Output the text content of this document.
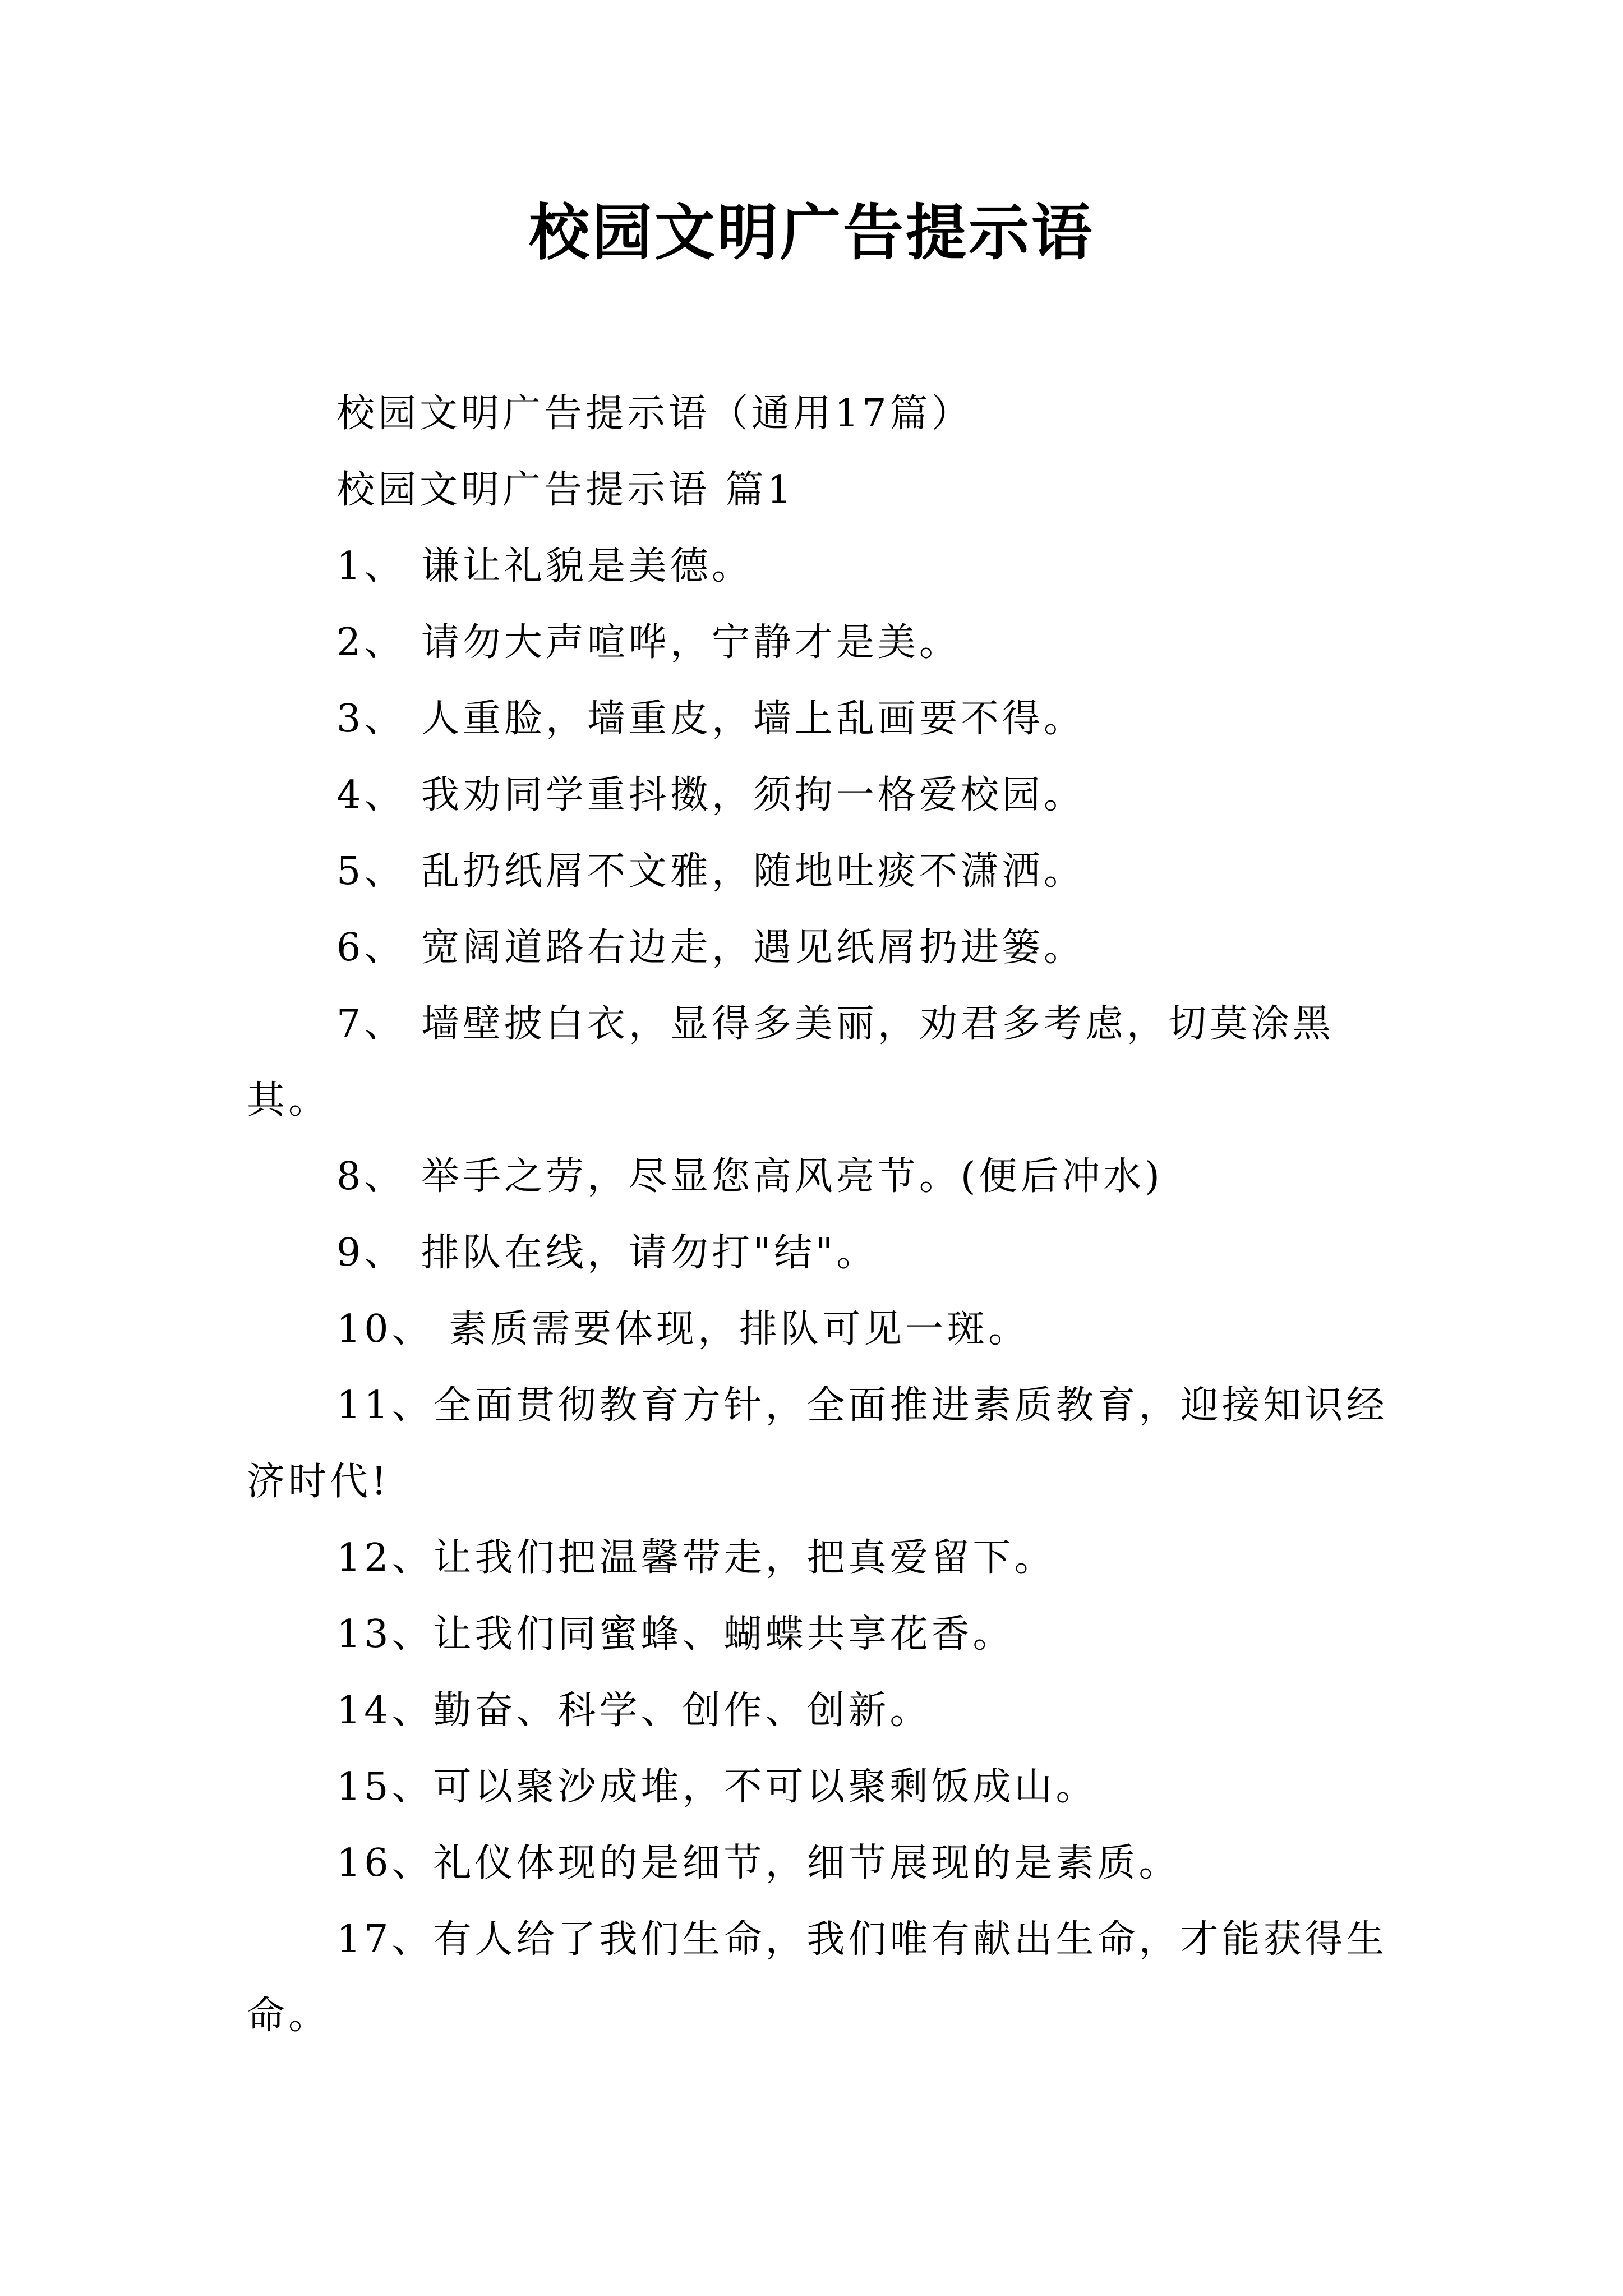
校园文明广告提示语

校园文明广告提示语（通用17篇）

校园文明广告提示语 篇1

1、 谦让礼貌是美德。

2、 请勿大声喧哗，宁静才是美。

3、 人重脸，墙重皮，墙上乱画要不得。

4、 我劝同学重抖擞，须拘一格爱校园。

5、 乱扔纸屑不文雅，随地吐痰不潇洒。

6、 宽阔道路右边走，遇见纸屑扔进篓。

7、 墙壁披白衣，显得多美丽，劝君多考虑，切莫涂黑其。

8、 举手之劳，尽显您高风亮节。(便后冲水)

9、 排队在线，请勿打"结"。

10、 素质需要体现，排队可见一斑。

11、全面贯彻教育方针，全面推进素质教育，迎接知识经济时代!

12、让我们把温馨带走，把真爱留下。

13、让我们同蜜蜂、蝴蝶共享花香。

14、勤奋、科学、创作、创新。

15、可以聚沙成堆，不可以聚剩饭成山。

16、礼仪体现的是细节，细节展现的是素质。

17、有人给了我们生命，我们唯有献出生命，才能获得生命。
